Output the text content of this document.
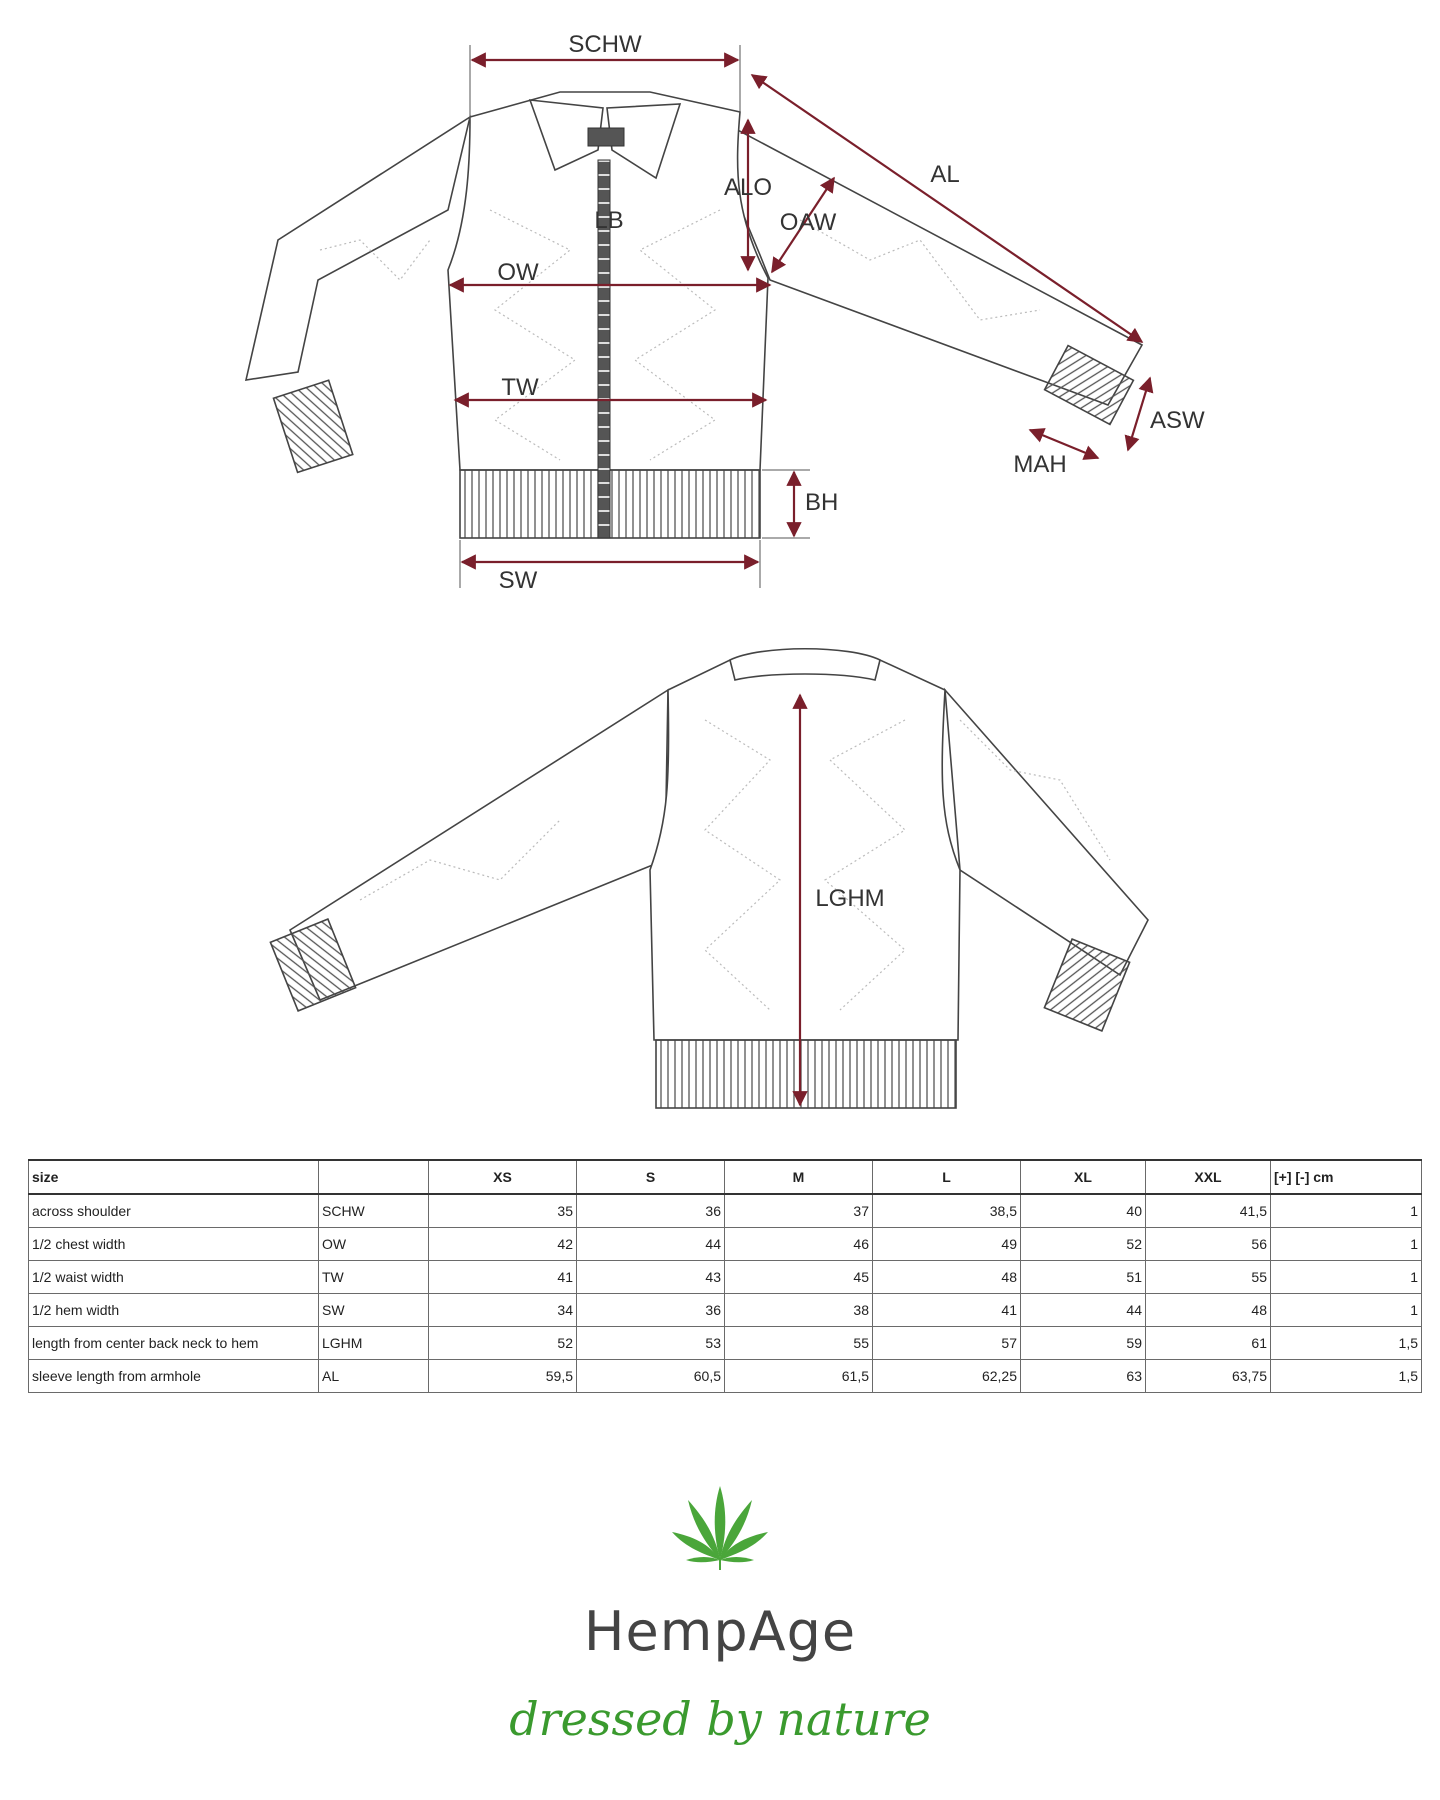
SCHW
AL
ALO
OAW
LB
OW
TW
BH
SW
ASW
MAH
LGHM
size		XS	S	M	L	XL	XXL	[+] [-] cm
across shoulder	SCHW	35	36	37	38,5	40	41,5	1
1/2 chest width	OW	42	44	46	49	52	56	1
1/2 waist width	TW	41	43	45	48	51	55	1
1/2 hem width	SW	34	36	38	41	44	48	1
length from center back neck to hem	LGHM	52	53	55	57	59	61	1,5
sleeve length from armhole	AL	59,5	60,5	61,5	62,25	63	63,75	1,5
HempAge
dressed by nature
